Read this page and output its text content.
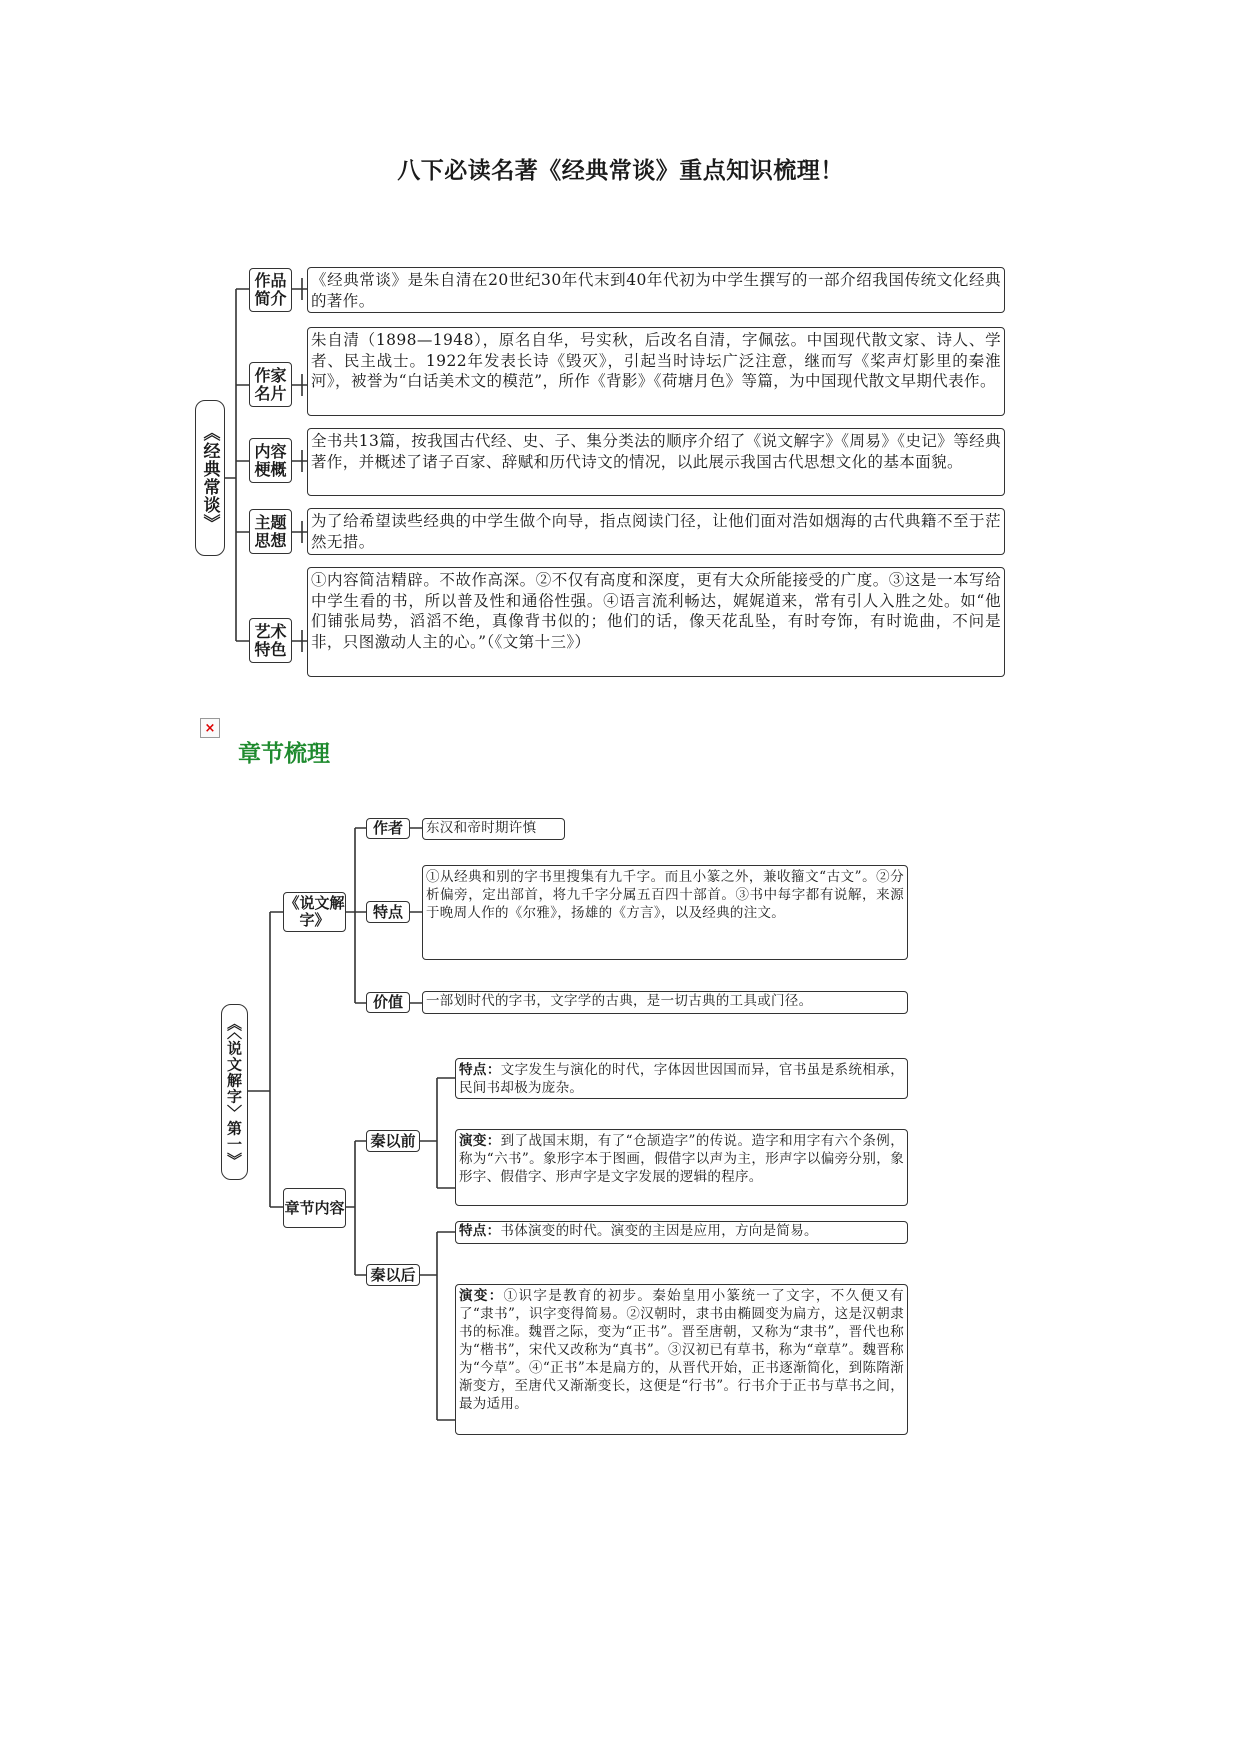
八下必读名著《经典常谈》重点知识梳理！
《经典常谈》
作品简介
《经典常谈》是朱自清在20世纪30年代末到40年代初为中学生撰写的一部介绍我国传统文化经典的著作。
作家名片
朱自清（1898—1948），原名自华，号实秋，后改名自清，字佩弦。中国现代散文家、诗人、学者、民主战士。1922年发表长诗《毁灭》，引起当时诗坛广泛注意，继而写《桨声灯影里的秦淮河》，被誉为“白话美术文的模范”，所作《背影》《荷塘月色》等篇，为中国现代散文早期代表作。
内容梗概
全书共13篇，按我国古代经、史、子、集分类法的顺序介绍了《说文解字》《周易》《史记》等经典著作，并概述了诸子百家、辞赋和历代诗文的情况，以此展示我国古代思想文化的基本面貌。
主题思想
为了给希望读些经典的中学生做个向导，指点阅读门径，让他们面对浩如烟海的古代典籍不至于茫然无措。
艺术特色
①内容简洁精辟。不故作高深。②不仅有高度和深度，更有大众所能接受的广度。③这是一本写给中学生看的书，所以普及性和通俗性强。④语言流利畅达，娓娓道来，常有引人入胜之处。如“他们铺张局势，滔滔不绝，真像背书似的；他们的话，像天花乱坠，有时夸饰，有时诡曲，不问是非，只图激动人主的心。”（《文第十三》）
×
章节梳理
《〈说文解字〉第一》
《说文解字》
作者 东汉和帝时期许慎
特点
①从经典和别的字书里搜集有九千字。而且小篆之外，兼收籀文“古文”。②分析偏旁，定出部首，将九千字分属五百四十部首。③书中每字都有说解，来源于晚周人作的《尔雅》，扬雄的《方言》，以及经典的注文。
价值 一部划时代的字书，文字学的古典，是一切古典的工具或门径。
章节内容
秦以前
特点：文字发生与演化的时代，字体因世因国而异，官书虽是系统相承，民间书却极为庞杂。
演变：到了战国末期，有了“仓颉造字”的传说。造字和用字有六个条例，称为“六书”。象形字本于图画，假借字以声为主，形声字以偏旁分别，象形字、假借字、形声字是文字发展的逻辑的程序。
秦以后
特点：书体演变的时代。演变的主因是应用，方向是简易。
演变：①识字是教育的初步。秦始皇用小篆统一了文字，不久便又有了“隶书”，识字变得简易。②汉朝时，隶书由椭圆变为扁方，这是汉朝隶书的标准。魏晋之际，变为“正书”。晋至唐朝，又称为“隶书”，晋代也称为“楷书”，宋代又改称为“真书”。③汉初已有草书，称为“章草”。魏晋称为“今草”。④“正书”本是扁方的，从晋代开始，正书逐渐简化，到陈隋渐渐变方，至唐代又渐渐变长，这便是“行书”。行书介于正书与草书之间，最为适用。
